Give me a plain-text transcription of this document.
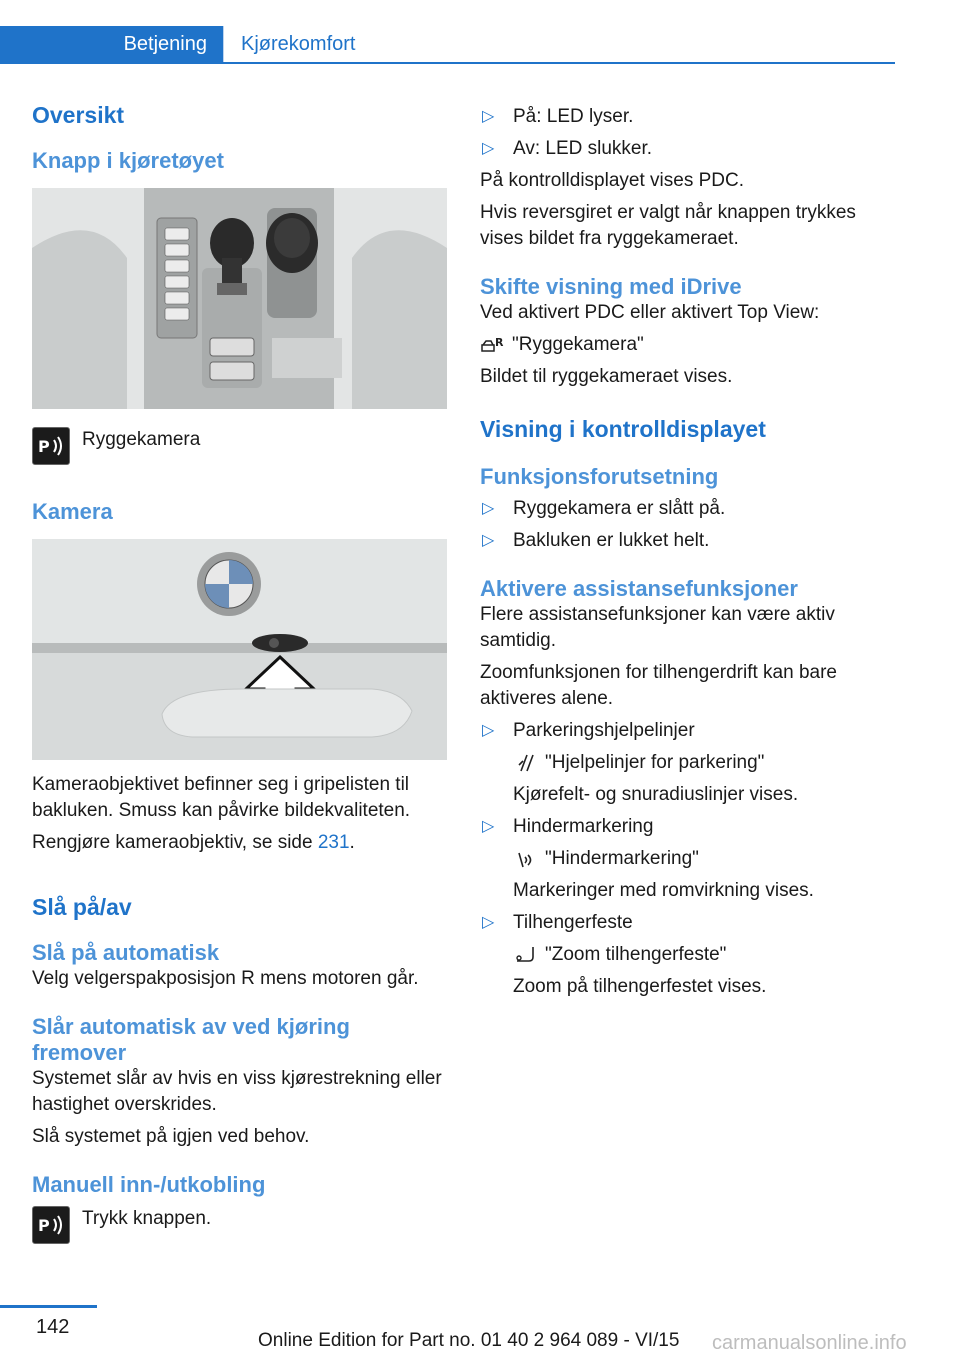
Betjening	Kjørekomfort
Oversikt
Knapp i kjøretøyet
P Ryggekamera

Kamera

Kameraobjektivet befinner seg i gripelisten til bakluken. Smuss kan påvirke bildekvaliteten.

Rengjøre kameraobjektiv, se side 231.

Slå på/av
Slå på automatisk

Velg velgerspakposisjon R mens motoren går.

Slår automatisk av ved kjøring fremover

Systemet slår av hvis en viss kjørestrekning eller hastighet overskrides.

Slå systemet på igjen ved behov.

Manuell inn-/utkobling
P Trykk knappen.

▷ På: LED lyser.
▷ Av: LED slukker.

På kontrolldisplayet vises PDC.

Hvis reversgiret er valgt når knappen trykkes vises bildet fra ryggekameraet.

Skifte visning med iDrive

Ved aktivert PDC eller aktivert Top View:

R "Ryggekamera"

Bildet til ryggekameraet vises.

Visning i kontrolldisplayet
Funksjonsforutsetning
▷ Ryggekamera er slått på.
▷ Bakluken er lukket helt.
Aktivere assistansefunksjoner

Flere assistansefunksjoner kan være aktiv samtidig.

Zoomfunksjonen for tilhengerdrift kan bare aktiveres alene.

▷ Parkeringshjelpelinjer
"Hjelpelinjer for parkering"
Kjørefelt- og snuradiuslinjer vises.
▷ Hindermarkering
"Hindermarkering"
Markeringer med romvirkning vises.
▷ Tilhengerfeste
"Zoom tilhengerfeste"
Zoom på tilhengerfestet vises.
142
Online Edition for Part no. 01 40 2 964 089 - VI/15 carmanualsonline.info
